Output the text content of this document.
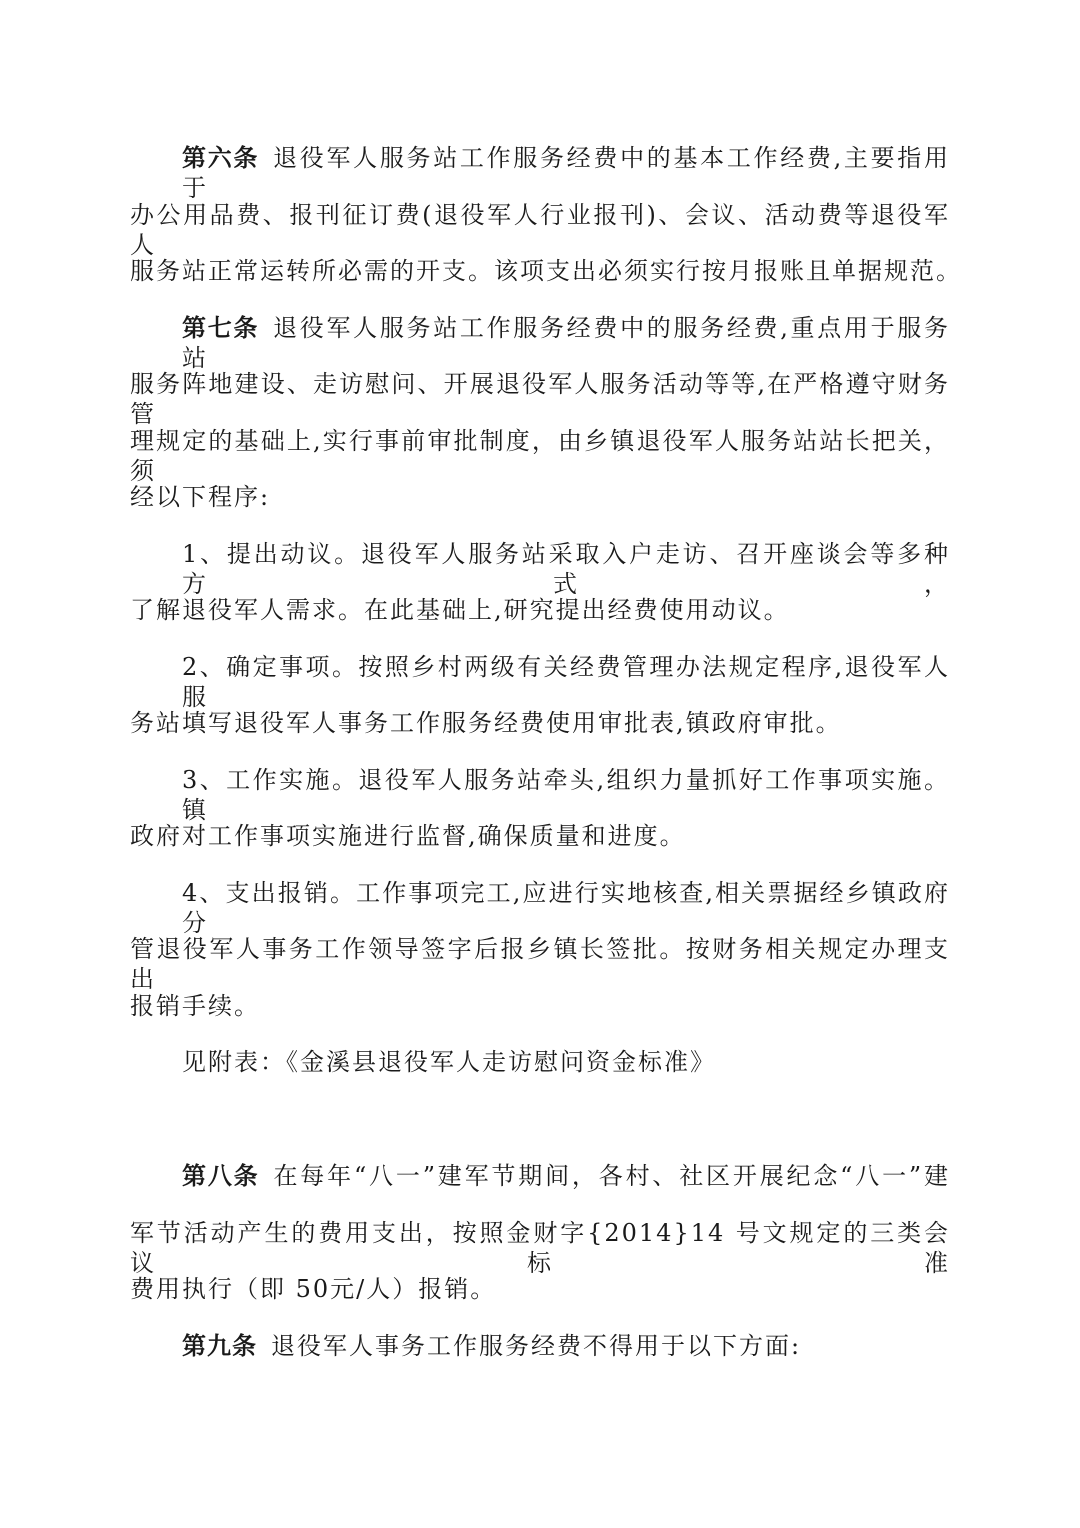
第六条 退役军人服务站工作服务经费中的基本工作经费,主要指用于
办公用品费、报刊征订费(退役军人行业报刊)、会议、活动费等退役军人
服务站正常运转所必需的开支。该项支出必须实行按月报账且单据规范。
第七条 退役军人服务站工作服务经费中的服务经费,重点用于服务站
服务阵地建设、走访慰问、开展退役军人服务活动等等,在严格遵守财务管
理规定的基础上,实行事前审批制度，由乡镇退役军人服务站站长把关，须
经以下程序:
1、提出动议。退役军人服务站采取入户走访、召开座谈会等多种方式，
了解退役军人需求。在此基础上,研究提出经费使用动议。
2、确定事项。按照乡村两级有关经费管理办法规定程序,退役军人服
务站填写退役军人事务工作服务经费使用审批表,镇政府审批。
3、工作实施。退役军人服务站牵头,组织力量抓好工作事项实施。镇
政府对工作事项实施进行监督,确保质量和进度。
4、支出报销。工作事项完工,应进行实地核查,相关票据经乡镇政府分
管退役军人事务工作领导签字后报乡镇长签批。按财务相关规定办理支出
报销手续。
见附表：《金溪县退役军人走访慰问资金标准》
第八条 在每年“八一”建军节期间，各村、社区开展纪念“八一”建
军节活动产生的费用支出，按照金财字{2014}14 号文规定的三类会议标准
费用执行（即 50元/人）报销。
第九条 退役军人事务工作服务经费不得用于以下方面:
